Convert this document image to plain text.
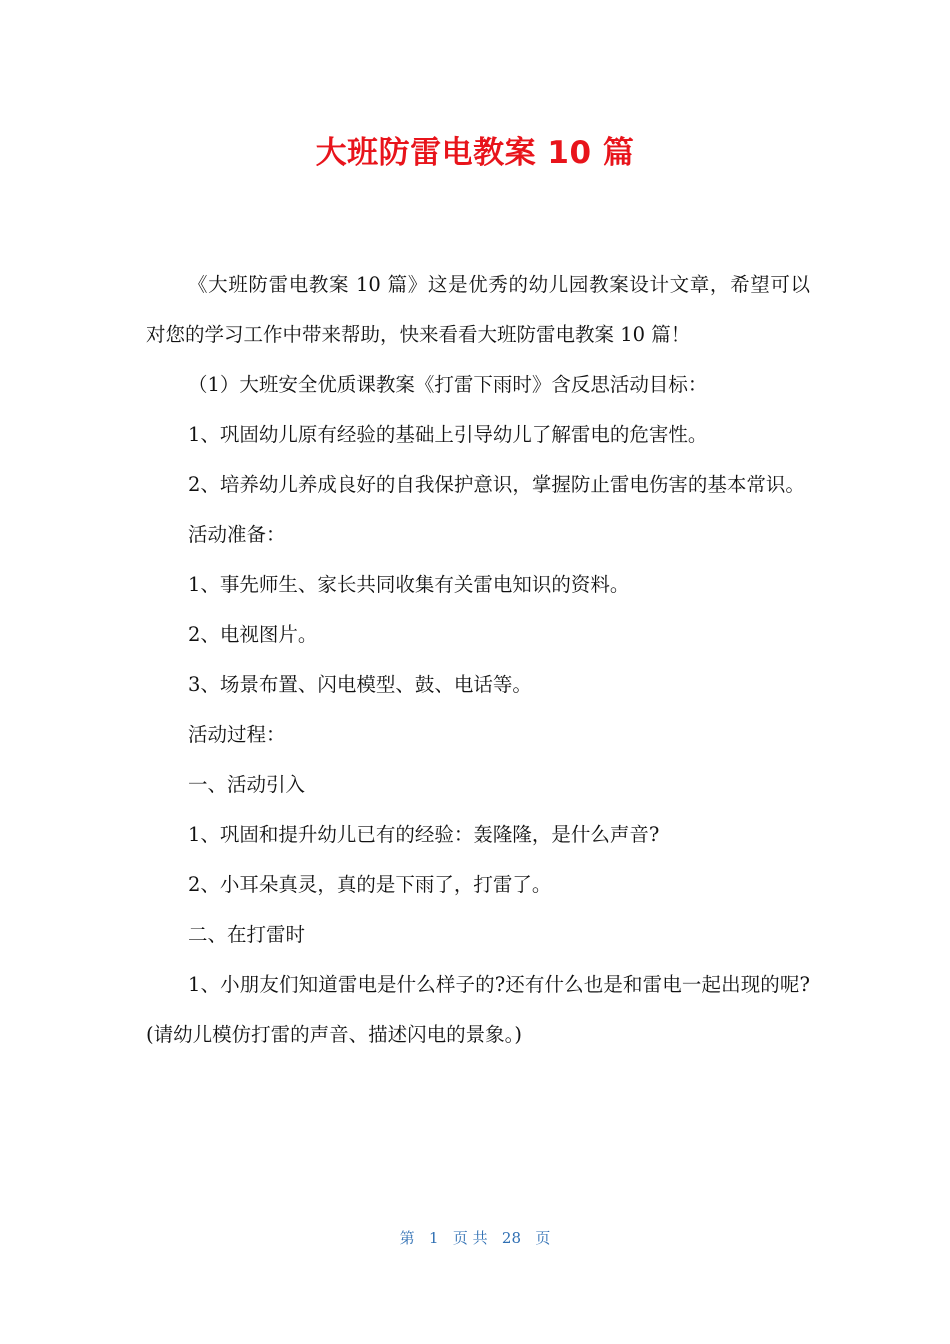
大班防雷电教案 10 篇

《大班防雷电教案 10 篇》这是优秀的幼儿园教案设计文章，希望可以对您的学习工作中带来帮助，快来看看大班防雷电教案 10 篇！

（1）大班安全优质课教案《打雷下雨时》含反思活动目标：

1、巩固幼儿原有经验的基础上引导幼儿了解雷电的危害性。

2、培养幼儿养成良好的自我保护意识，掌握防止雷电伤害的基本常识。

活动准备：

1、事先师生、家长共同收集有关雷电知识的资料。

2、电视图片。

3、场景布置、闪电模型、鼓、电话等。

活动过程：

一、活动引入

1、巩固和提升幼儿已有的经验：轰隆隆，是什么声音?

2、小耳朵真灵，真的是下雨了，打雷了。

二、在打雷时

1、小朋友们知道雷电是什么样子的?还有什么也是和雷电一起出现的呢?(请幼儿模仿打雷的声音、描述闪电的景象。)

第 1 页 共 28 页
